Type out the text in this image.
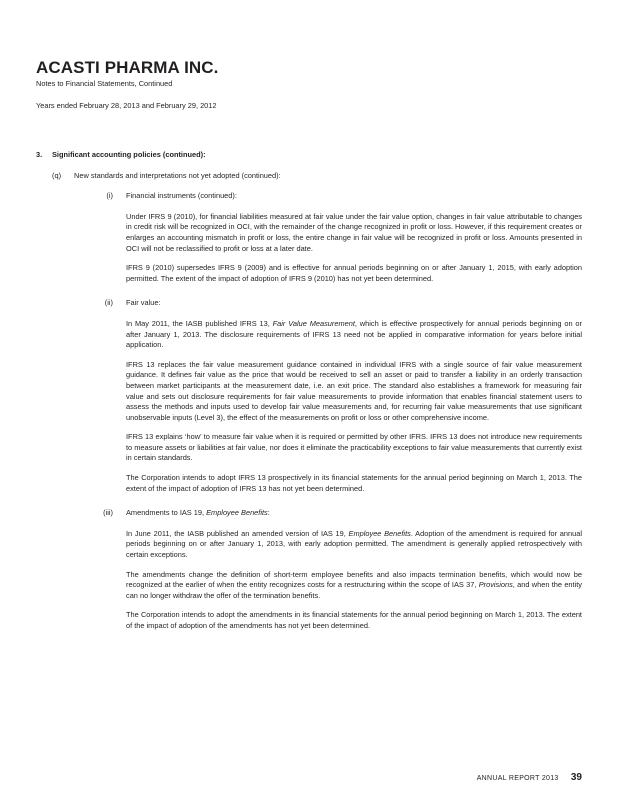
ACASTI PHARMA INC.
Notes to Financial Statements, Continued
Years ended February 28, 2013 and February 29, 2012
3.	Significant accounting policies (continued):
(q)	New standards and interpretations not yet adopted (continued):
(i)	Financial instruments (continued):

Under IFRS 9 (2010), for financial liabilities measured at fair value under the fair value option, changes in fair value attributable to changes in credit risk will be recognized in OCI, with the remainder of the change recognized in profit or loss. However, if this requirement creates or enlarges an accounting mismatch in profit or loss, the entire change in fair value will be recognized in profit or loss. Amounts presented in OCI will not be reclassified to profit or loss at a later date.

IFRS 9 (2010) supersedes IFRS 9 (2009) and is effective for annual periods beginning on or after January 1, 2015, with early adoption permitted. The extent of the impact of adoption of IFRS 9 (2010) has not yet been determined.

(ii)	Fair value:

In May 2011, the IASB published IFRS 13, Fair Value Measurement, which is effective prospectively for annual periods beginning on or after January 1, 2013. The disclosure requirements of IFRS 13 need not be applied in comparative information for years before initial application.

IFRS 13 replaces the fair value measurement guidance contained in individual IFRS with a single source of fair value measurement guidance. It defines fair value as the price that would be received to sell an asset or paid to transfer a liability in an orderly transaction between market participants at the measurement date, i.e. an exit price. The standard also establishes a framework for measuring fair value and sets out disclosure requirements for fair value measurements to provide information that enables financial statement users to assess the methods and inputs used to develop fair value measurements and, for recurring fair value measurements that use significant unobservable inputs (Level 3), the effect of the measurements on profit or loss or other comprehensive income.

IFRS 13 explains ‘how’ to measure fair value when it is required or permitted by other IFRS. IFRS 13 does not introduce new requirements to measure assets or liabilities at fair value, nor does it eliminate the practicability exceptions to fair value measurements that currently exist in certain standards.

The Corporation intends to adopt IFRS 13 prospectively in its financial statements for the annual period beginning on March 1, 2013. The extent of the impact of adoption of IFRS 13 has not yet been determined.

(iii)	Amendments to IAS 19, Employee Benefits:

In June 2011, the IASB published an amended version of IAS 19, Employee Benefits. Adoption of the amendment is required for annual periods beginning on or after January 1, 2013, with early adoption permitted. The amendment is generally applied retrospectively with certain exceptions.

The amendments change the definition of short-term employee benefits and also impacts termination benefits, which would now be recognized at the earlier of when the entity recognizes costs for a restructuring within the scope of IAS 37, Provisions, and when the entity can no longer withdraw the offer of the termination benefits.

The Corporation intends to adopt the amendments in its financial statements for the annual period beginning on March 1, 2013. The extent of the impact of adoption of the amendments has not yet been determined.

ANNUAL REPORT 2013 39
